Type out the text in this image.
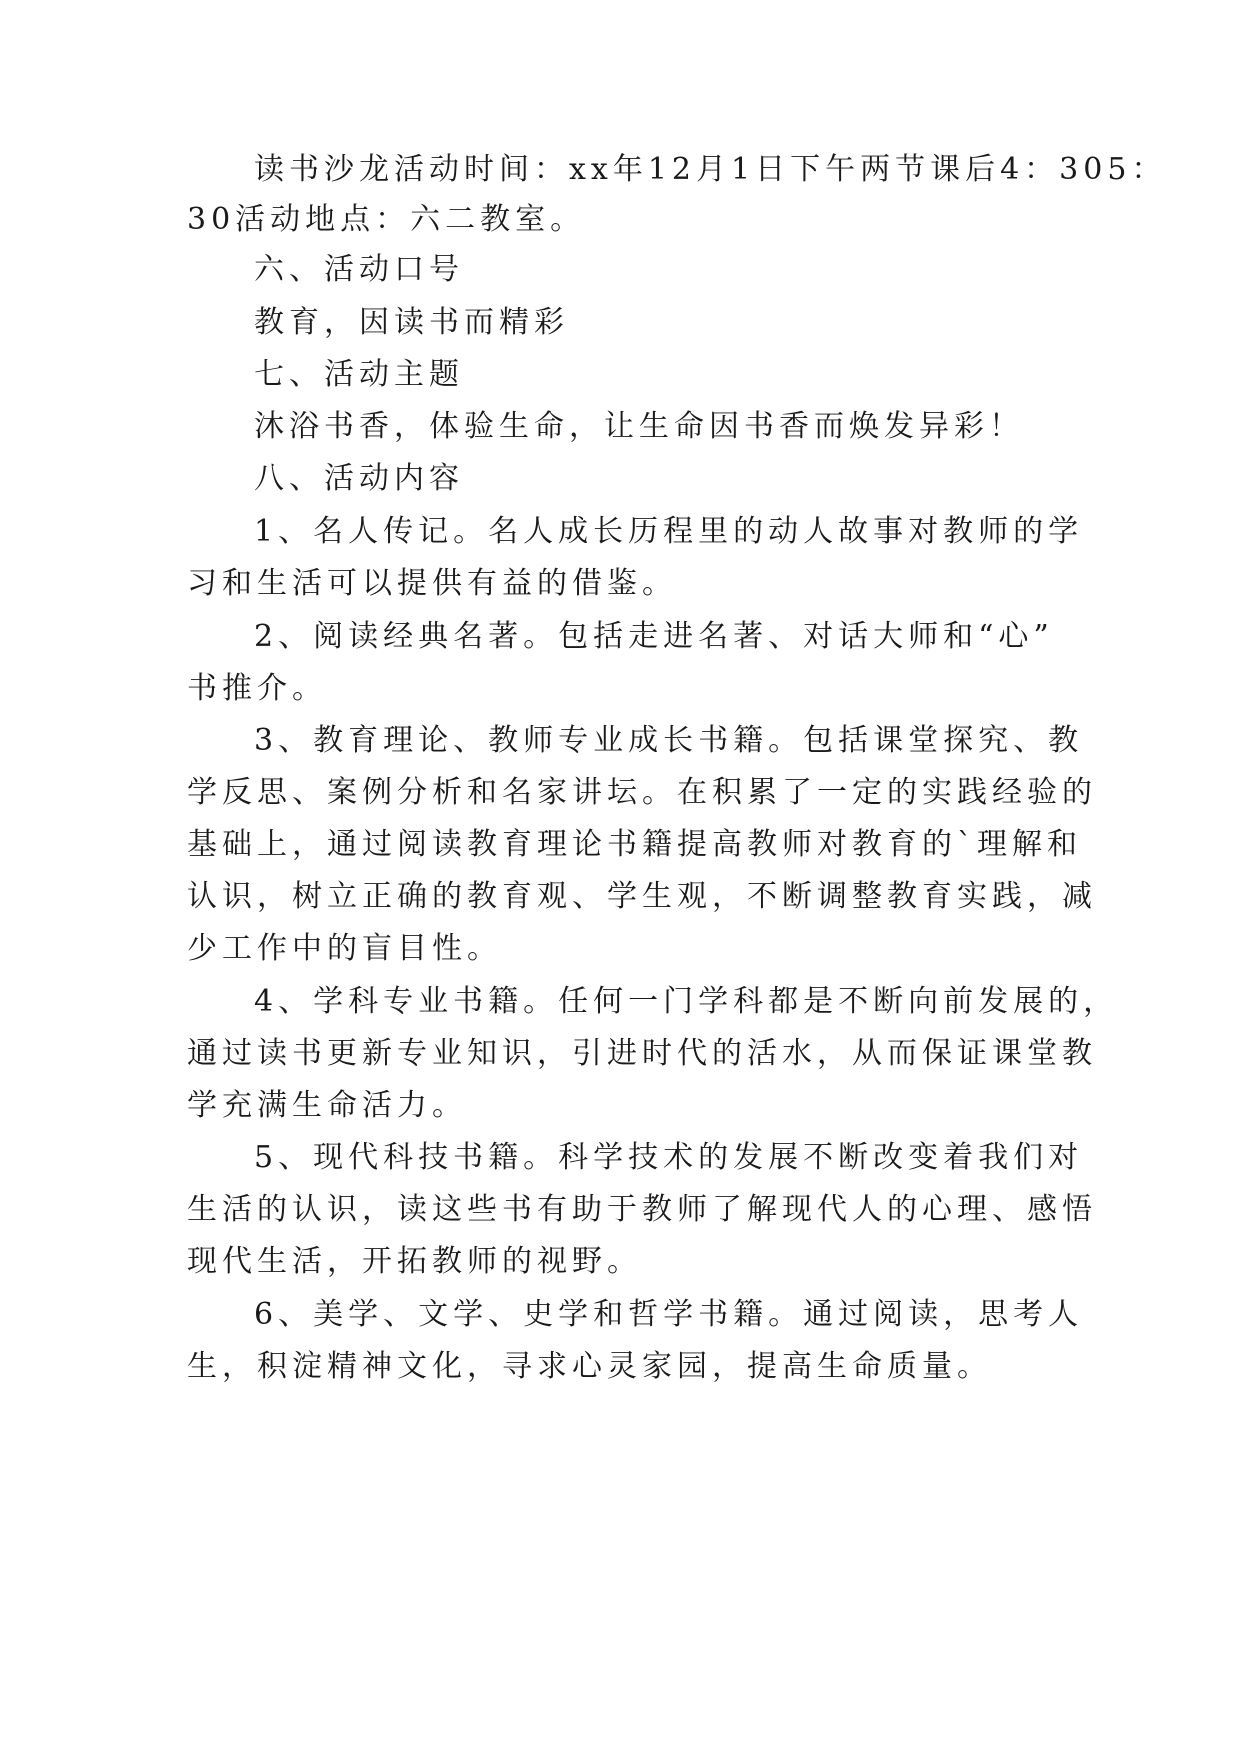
读书沙龙活动时间：xx年12月1日下午两节课后4：305：
30活动地点：六二教室。
六、活动口号
教育，因读书而精彩
七、活动主题
沐浴书香，体验生命，让生命因书香而焕发异彩！
八、活动内容
1、名人传记。名人成长历程里的动人故事对教师的学
习和生活可以提供有益的借鉴。
2、阅读经典名著。包括走进名著、对话大师和“心”
书推介。
3、教育理论、教师专业成长书籍。包括课堂探究、教
学反思、案例分析和名家讲坛。在积累了一定的实践经验的
基础上，通过阅读教育理论书籍提高教师对教育的`理解和
认识，树立正确的教育观、学生观，不断调整教育实践，减
少工作中的盲目性。
4、学科专业书籍。任何一门学科都是不断向前发展的，
通过读书更新专业知识，引进时代的活水，从而保证课堂教
学充满生命活力。
5、现代科技书籍。科学技术的发展不断改变着我们对
生活的认识，读这些书有助于教师了解现代人的心理、感悟
现代生活，开拓教师的视野。
6、美学、文学、史学和哲学书籍。通过阅读，思考人
生，积淀精神文化，寻求心灵家园，提高生命质量。
